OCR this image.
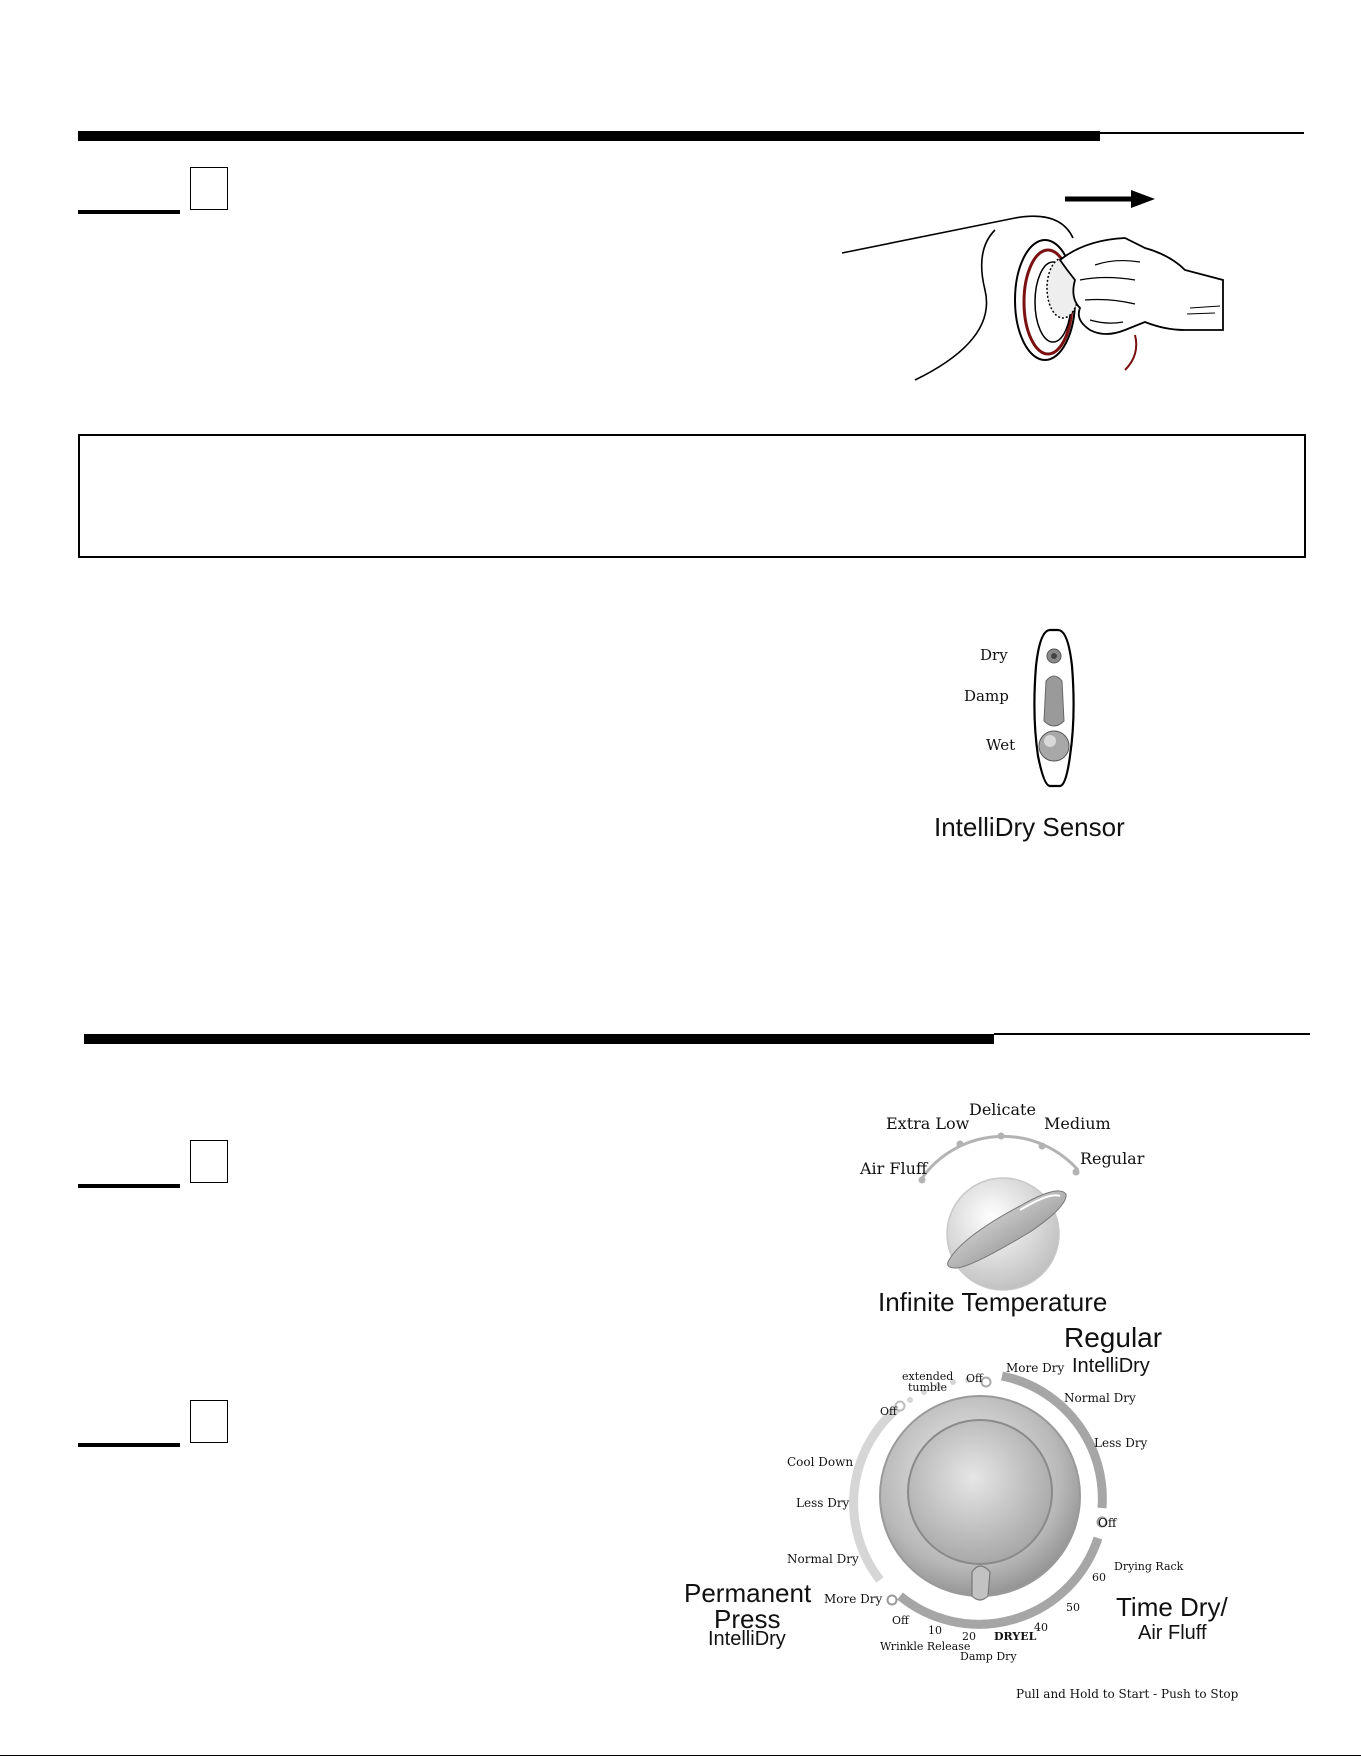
Dry
Damp
Wet
IntelliDry Sensor
Air Fluff
Extra Low
Delicate
Medium
Regular
Infinite Temperature
Regular
IntelliDry
More Dry
Normal Dry
Less Dry
Off
Time Dry/
Air Fluff
Drying Rack
60
50
40
DRYEL
20
Damp Dry
10
Wrinkle Release
Off
Permanent
Press
IntelliDry
More Dry
Normal Dry
Less Dry
Cool Down
Off
extended
tumble
Off
Pull and Hold to Start - Push to Stop
